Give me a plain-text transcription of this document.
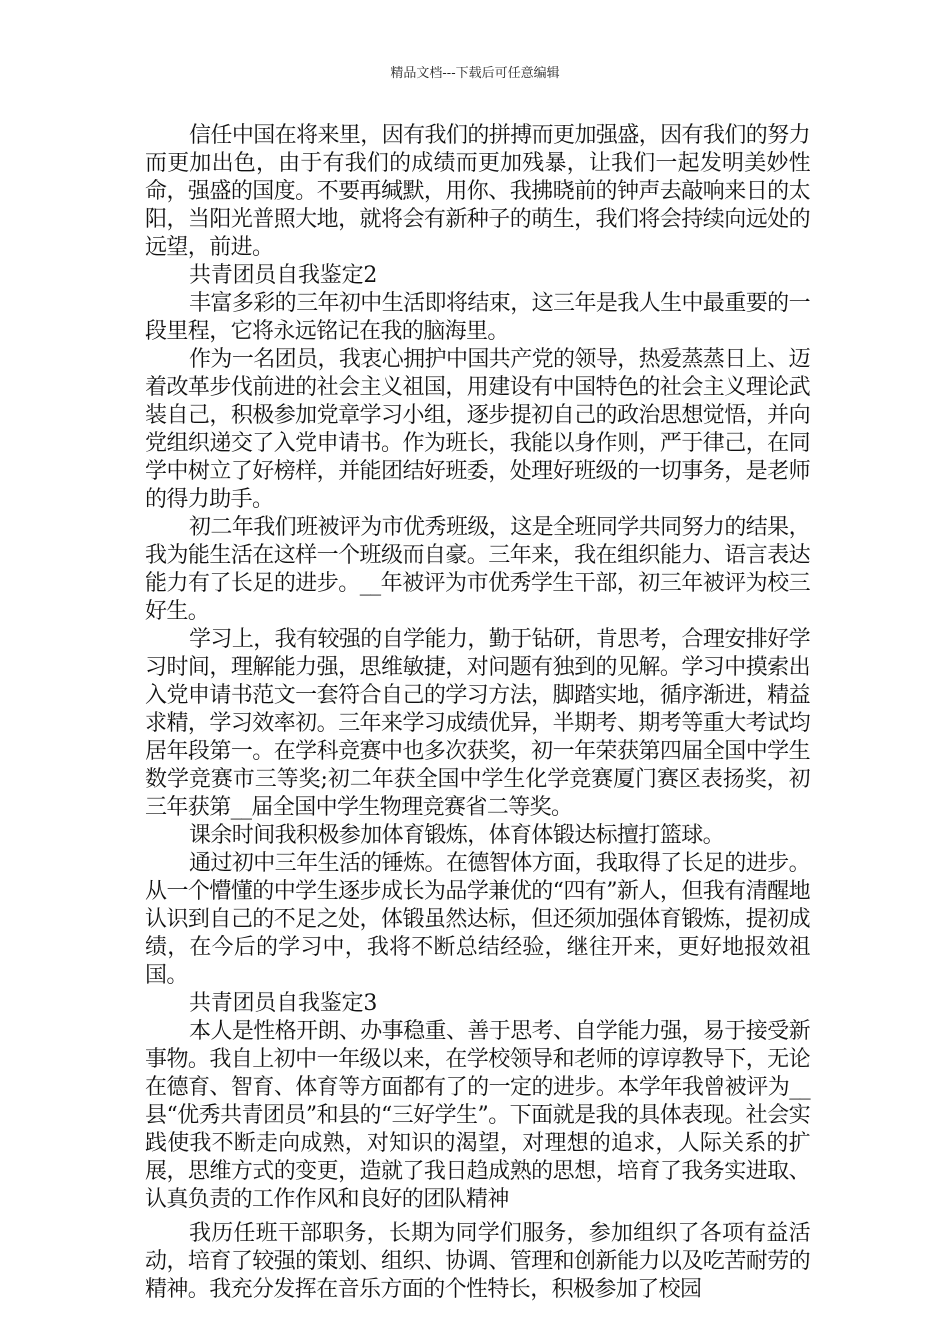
精品文档---下载后可任意编辑

信任中国在将来里，因有我们的拼搏而更加强盛，因有我们的努力而更加出色，由于有我们的成绩而更加残暴，让我们一起发明美妙性命，强盛的国度。不要再缄默，用你、我拂晓前的钟声去敲响来日的太阳，当阳光普照大地，就将会有新种子的萌生，我们将会持续向远处的远望，前进。

共青团员自我鉴定2

丰富多彩的三年初中生活即将结束，这三年是我人生中最重要的一段里程，它将永远铭记在我的脑海里。

作为一名团员，我衷心拥护中国共产党的领导，热爱蒸蒸日上、迈着改革步伐前进的社会主义祖国，用建设有中国特色的社会主义理论武装自己，积极参加党章学习小组，逐步提初自己的政治思想觉悟，并向党组织递交了入党申请书。作为班长，我能以身作则，严于律己，在同学中树立了好榜样，并能团结好班委，处理好班级的一切事务，是老师的得力助手。

初二年我们班被评为市优秀班级，这是全班同学共同努力的结果，我为能生活在这样一个班级而自豪。三年来，我在组织能力、语言表达能力有了长足的进步。__年被评为市优秀学生干部，初三年被评为校三好生。

学习上，我有较强的自学能力，勤于钻研，肯思考，合理安排好学习时间，理解能力强，思维敏捷，对问题有独到的见解。学习中摸索出入党申请书范文一套符合自己的学习方法，脚踏实地，循序渐进，精益求精，学习效率初。三年来学习成绩优异，半期考、期考等重大考试均居年段第一。在学科竞赛中也多次获奖，初一年荣获第四届全国中学生数学竞赛市三等奖;初二年获全国中学生化学竞赛厦门赛区表扬奖，初三年获第__届全国中学生物理竞赛省二等奖。

课余时间我积极参加体育锻炼，体育体锻达标擅打篮球。

通过初中三年生活的锤炼。在德智体方面，我取得了长足的进步。从一个懵懂的中学生逐步成长为品学兼优的“四有”新人，但我有清醒地认识到自己的不足之处，体锻虽然达标，但还须加强体育锻炼，提初成绩，在今后的学习中，我将不断总结经验，继往开来，更好地报效祖国。

共青团员自我鉴定3

本人是性格开朗、办事稳重、善于思考、自学能力强，易于接受新事物。我自上初中一年级以来，在学校领导和老师的谆谆教导下，无论在德育、智育、体育等方面都有了的一定的进步。本学年我曾被评为__县“优秀共青团员”和县的“三好学生”。下面就是我的具体表现。社会实践使我不断走向成熟，对知识的渴望，对理想的追求，人际关系的扩展，思维方式的变更，造就了我日趋成熟的思想，培育了我务实进取、认真负责的工作作风和良好的团队精神

我历任班干部职务，长期为同学们服务，参加组织了各项有益活动，培育了较强的策划、组织、协调、管理和创新能力以及吃苦耐劳的精神。我充分发挥在音乐方面的个性特长，积极参加了校园
